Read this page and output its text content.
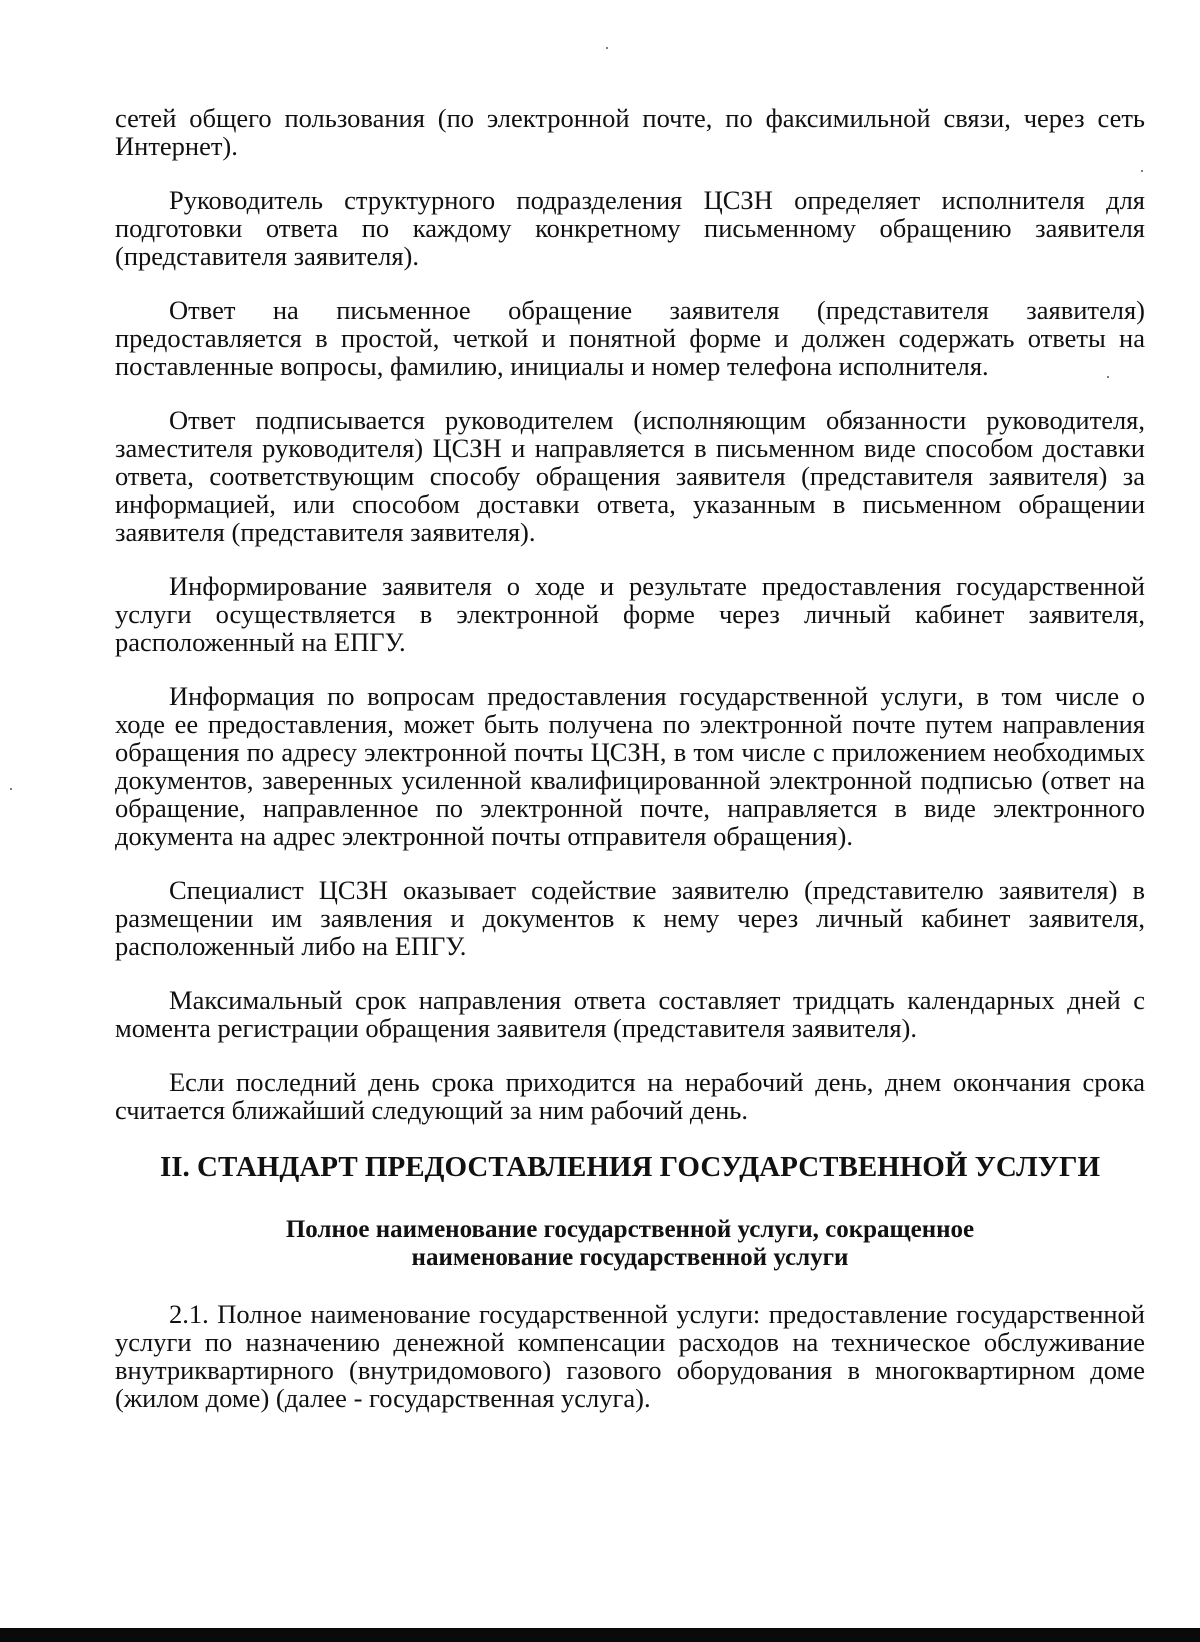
сетей общего пользования (по электронной почте, по факсимильной связи, через сеть Интернет).

Руководитель структурного подразделения ЦСЗН определяет исполнителя для подготовки ответа по каждому конкретному письменному обращению заявителя (представителя заявителя).

Ответ на письменное обращение заявителя (представителя заявителя) предоставляется в простой, четкой и понятной форме и должен содержать ответы на поставленные вопросы, фамилию, инициалы и номер телефона исполнителя.

Ответ подписывается руководителем (исполняющим обязанности руководителя, заместителя руководителя) ЦСЗН и направляется в письменном виде способом доставки ответа, соответствующим способу обращения заявителя (представителя заявителя) за информацией, или способом доставки ответа, указанным в письменном обращении заявителя (представителя заявителя).

Информирование заявителя о ходе и результате предоставления государственной услуги осуществляется в электронной форме через личный кабинет заявителя, расположенный на ЕПГУ.

Информация по вопросам предоставления государственной услуги, в том числе о ходе ее предоставления, может быть получена по электронной почте путем направления обращения по адресу электронной почты ЦСЗН, в том числе с приложением необходимых документов, заверенных усиленной квалифицированной электронной подписью (ответ на обращение, направленное по электронной почте, направляется в виде электронного документа на адрес электронной почты отправителя обращения).

Специалист ЦСЗН оказывает содействие заявителю (представителю заявителя) в размещении им заявления и документов к нему через личный кабинет заявителя, расположенный либо на ЕПГУ.

Максимальный срок направления ответа составляет тридцать календарных дней с момента регистрации обращения заявителя (представителя заявителя).

Если последний день срока приходится на нерабочий день, днем окончания срока считается ближайший следующий за ним рабочий день.

II. СТАНДАРТ ПРЕДОСТАВЛЕНИЯ ГОСУДАРСТВЕННОЙ УСЛУГИ
Полное наименование государственной услуги, сокращенное
наименование государственной услуги

2.1. Полное наименование государственной услуги: предоставление государственной услуги по назначению денежной компенсации расходов на техническое обслуживание внутриквартирного (внутридомового) газового оборудования в многоквартирном доме (жилом доме) (далее - государственная услуга).
